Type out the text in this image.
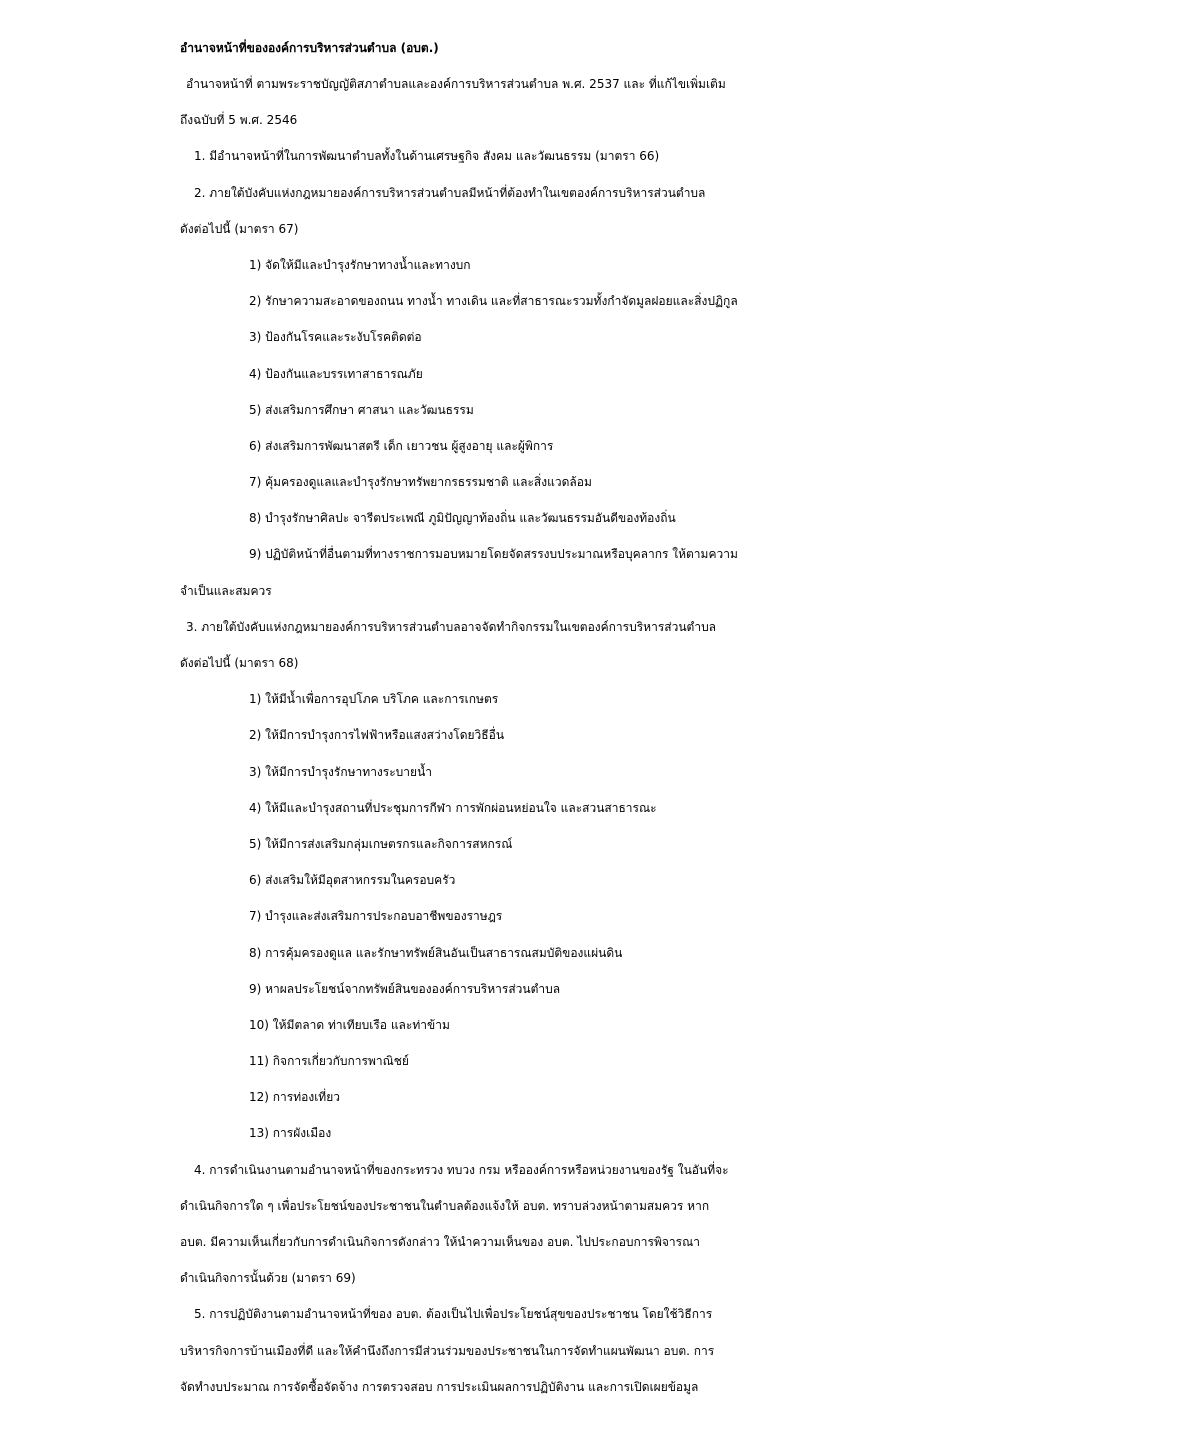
อำนาจหน้าที่ขององค์การบริหารส่วนตำบล (อบต.)
อำนาจหน้าที่ ตามพระราชบัญญัติสภาตำบลและองค์การบริหารส่วนตำบล พ.ศ. 2537 และ ที่แก้ไขเพิ่มเติม
ถึงฉบับที่ 5 พ.ศ. 2546
1. มีอำนาจหน้าที่ในการพัฒนาตำบลทั้งในด้านเศรษฐกิจ สังคม และวัฒนธรรม (มาตรา 66)
2. ภายใต้บังคับแห่งกฎหมายองค์การบริหารส่วนตำบลมีหน้าที่ต้องทำในเขตองค์การบริหารส่วนตำบล
ดังต่อไปนี้ (มาตรา 67)
1) จัดให้มีและบำรุงรักษาทางน้ำและทางบก
2) รักษาความสะอาดของถนน ทางน้ำ ทางเดิน และที่สาธารณะรวมทั้งกำจัดมูลฝอยและสิ่งปฏิกูล
3) ป้องกันโรคและระงับโรคติดต่อ
4) ป้องกันและบรรเทาสาธารณภัย
5) ส่งเสริมการศึกษา ศาสนา และวัฒนธรรม
6) ส่งเสริมการพัฒนาสตรี เด็ก เยาวชน ผู้สูงอายุ และผู้พิการ
7) คุ้มครองดูแลและบำรุงรักษาทรัพยากรธรรมชาติ และสิ่งแวดล้อม
8) บำรุงรักษาศิลปะ จารีตประเพณี ภูมิปัญญาท้องถิ่น และวัฒนธรรมอันดีของท้องถิ่น
9) ปฏิบัติหน้าที่อื่นตามที่ทางราชการมอบหมายโดยจัดสรรงบประมาณหรือบุคลากร ให้ตามความ
จำเป็นและสมควร
3. ภายใต้บังคับแห่งกฎหมายองค์การบริหารส่วนตำบลอาจจัดทำกิจกรรมในเขตองค์การบริหารส่วนตำบล
ดังต่อไปนี้ (มาตรา 68)
1) ให้มีน้ำเพื่อการอุปโภค บริโภค และการเกษตร
2) ให้มีการบำรุงการไฟฟ้าหรือแสงสว่างโดยวิธีอื่น
3) ให้มีการบำรุงรักษาทางระบายน้ำ
4) ให้มีและบำรุงสถานที่ประชุมการกีฬา การพักผ่อนหย่อนใจ และสวนสาธารณะ
5) ให้มีการส่งเสริมกลุ่มเกษตรกรและกิจการสหกรณ์
6) ส่งเสริมให้มีอุตสาหกรรมในครอบครัว
7) บำรุงและส่งเสริมการประกอบอาชีพของราษฎร
8) การคุ้มครองดูแล และรักษาทรัพย์สินอันเป็นสาธารณสมบัติของแผ่นดิน
9) หาผลประโยชน์จากทรัพย์สินขององค์การบริหารส่วนตำบล
10) ให้มีตลาด ท่าเทียบเรือ และท่าข้าม
11) กิจการเกี่ยวกับการพาณิชย์
12) การท่องเที่ยว
13) การผังเมือง
4. การดำเนินงานตามอำนาจหน้าที่ของกระทรวง ทบวง กรม หรือองค์การหรือหน่วยงานของรัฐ ในอันที่จะ
ดำเนินกิจการใด ๆ เพื่อประโยชน์ของประชาชนในตำบลต้องแจ้งให้ อบต. ทราบล่วงหน้าตามสมควร หาก
อบต. มีความเห็นเกี่ยวกับการดำเนินกิจการดังกล่าว ให้นำความเห็นของ อบต. ไปประกอบการพิจารณา
ดำเนินกิจการนั้นด้วย (มาตรา 69)
5. การปฏิบัติงานตามอำนาจหน้าที่ของ อบต. ต้องเป็นไปเพื่อประโยชน์สุขของประชาชน โดยใช้วิธีการ
บริหารกิจการบ้านเมืองที่ดี และให้คำนึงถึงการมีส่วนร่วมของประชาชนในการจัดทำแผนพัฒนา อบต. การ
จัดทำงบประมาณ การจัดซื้อจัดจ้าง การตรวจสอบ การประเมินผลการปฏิบัติงาน และการเปิดเผยข้อมูล
